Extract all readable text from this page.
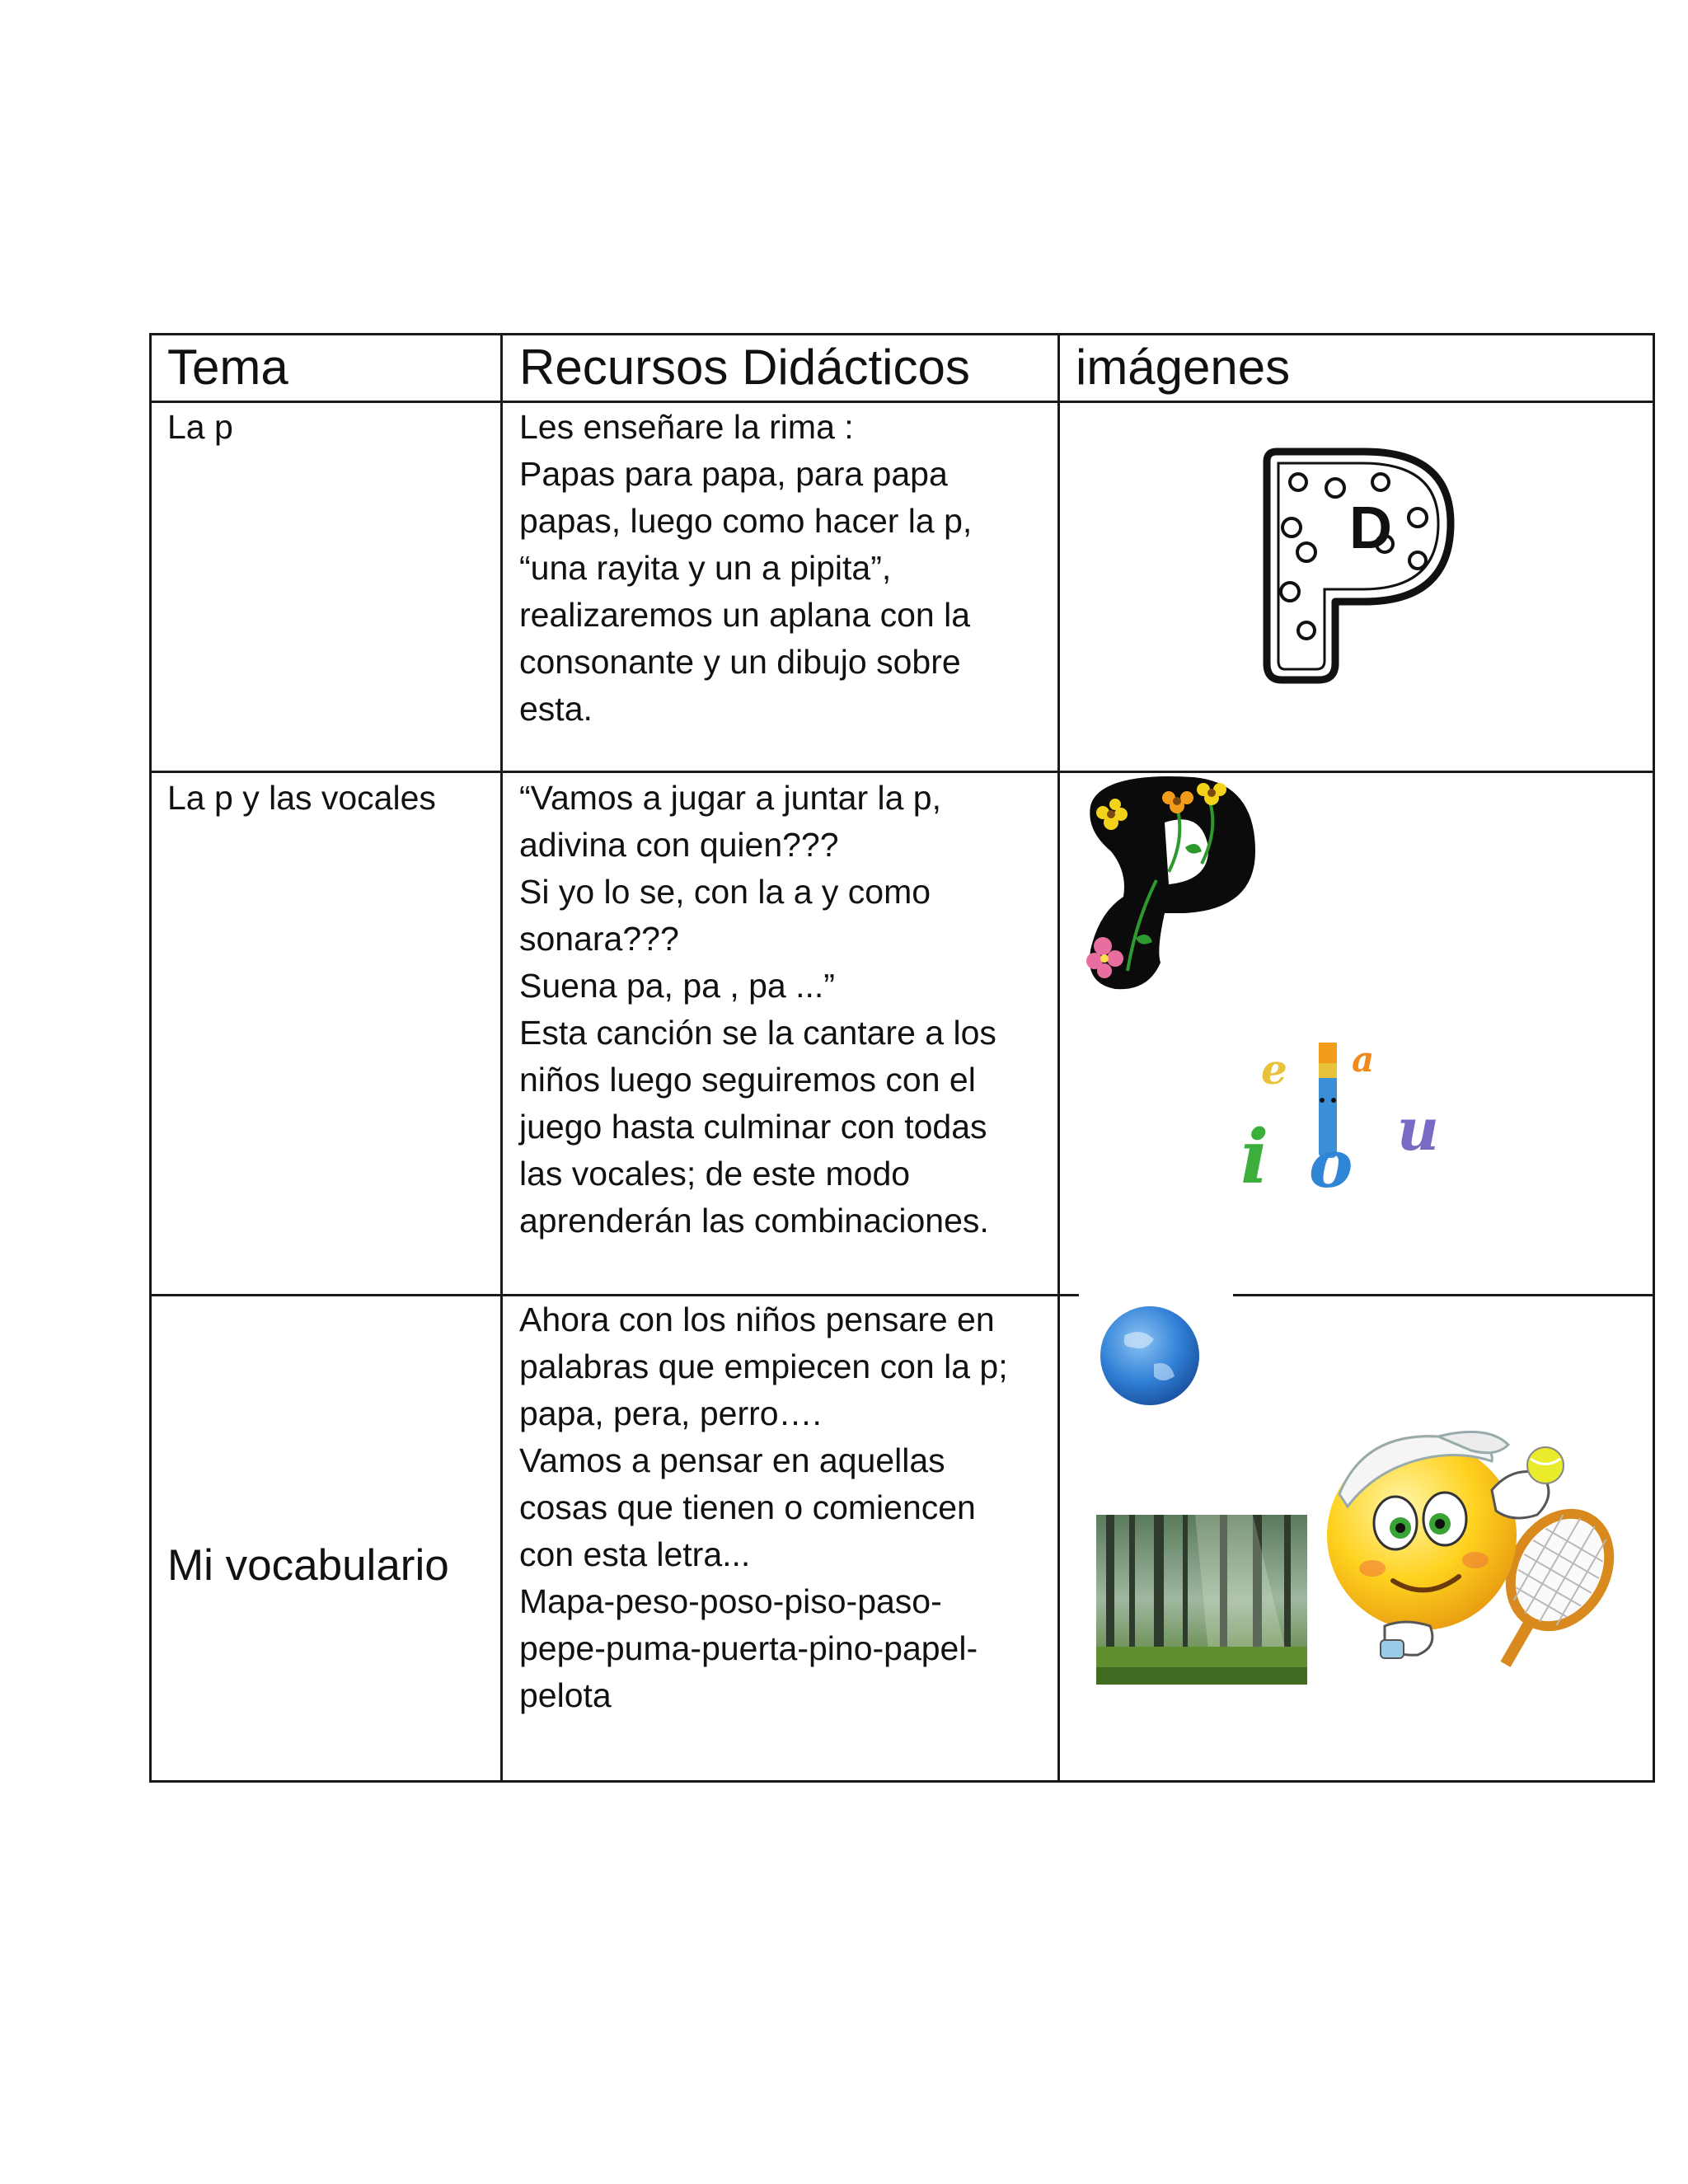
Tema	Recursos Didácticos imágenes

La p	Les enseñare la rima :

Papas para papa, para papa

papas, luego como hacer la p,

“una rayita y un a pipita”,

realizaremos un aplana con la

consonante y un dibujo sobre

esta.

D

La p y las vocales “Vamos a jugar a juntar la p,

adivina con quien???

Si yo lo se, con la a y como

sonara???

Suena pa, pa , pa ...”

Esta canción se la cantare a los

niños luego seguiremos con el

juego hasta culminar con todas

las vocales; de este modo

aprenderán las combinaciones.

e a
i o u

Mi vocabulario

Ahora con los niños pensare en

palabras que empiecen con la p;

papa, pera, perro….

Vamos a pensar en aquellas

cosas que tienen o comiencen

con esta letra...

Mapa-peso-poso-piso-paso-

pepe-puma-puerta-pino-papel-

pelota
